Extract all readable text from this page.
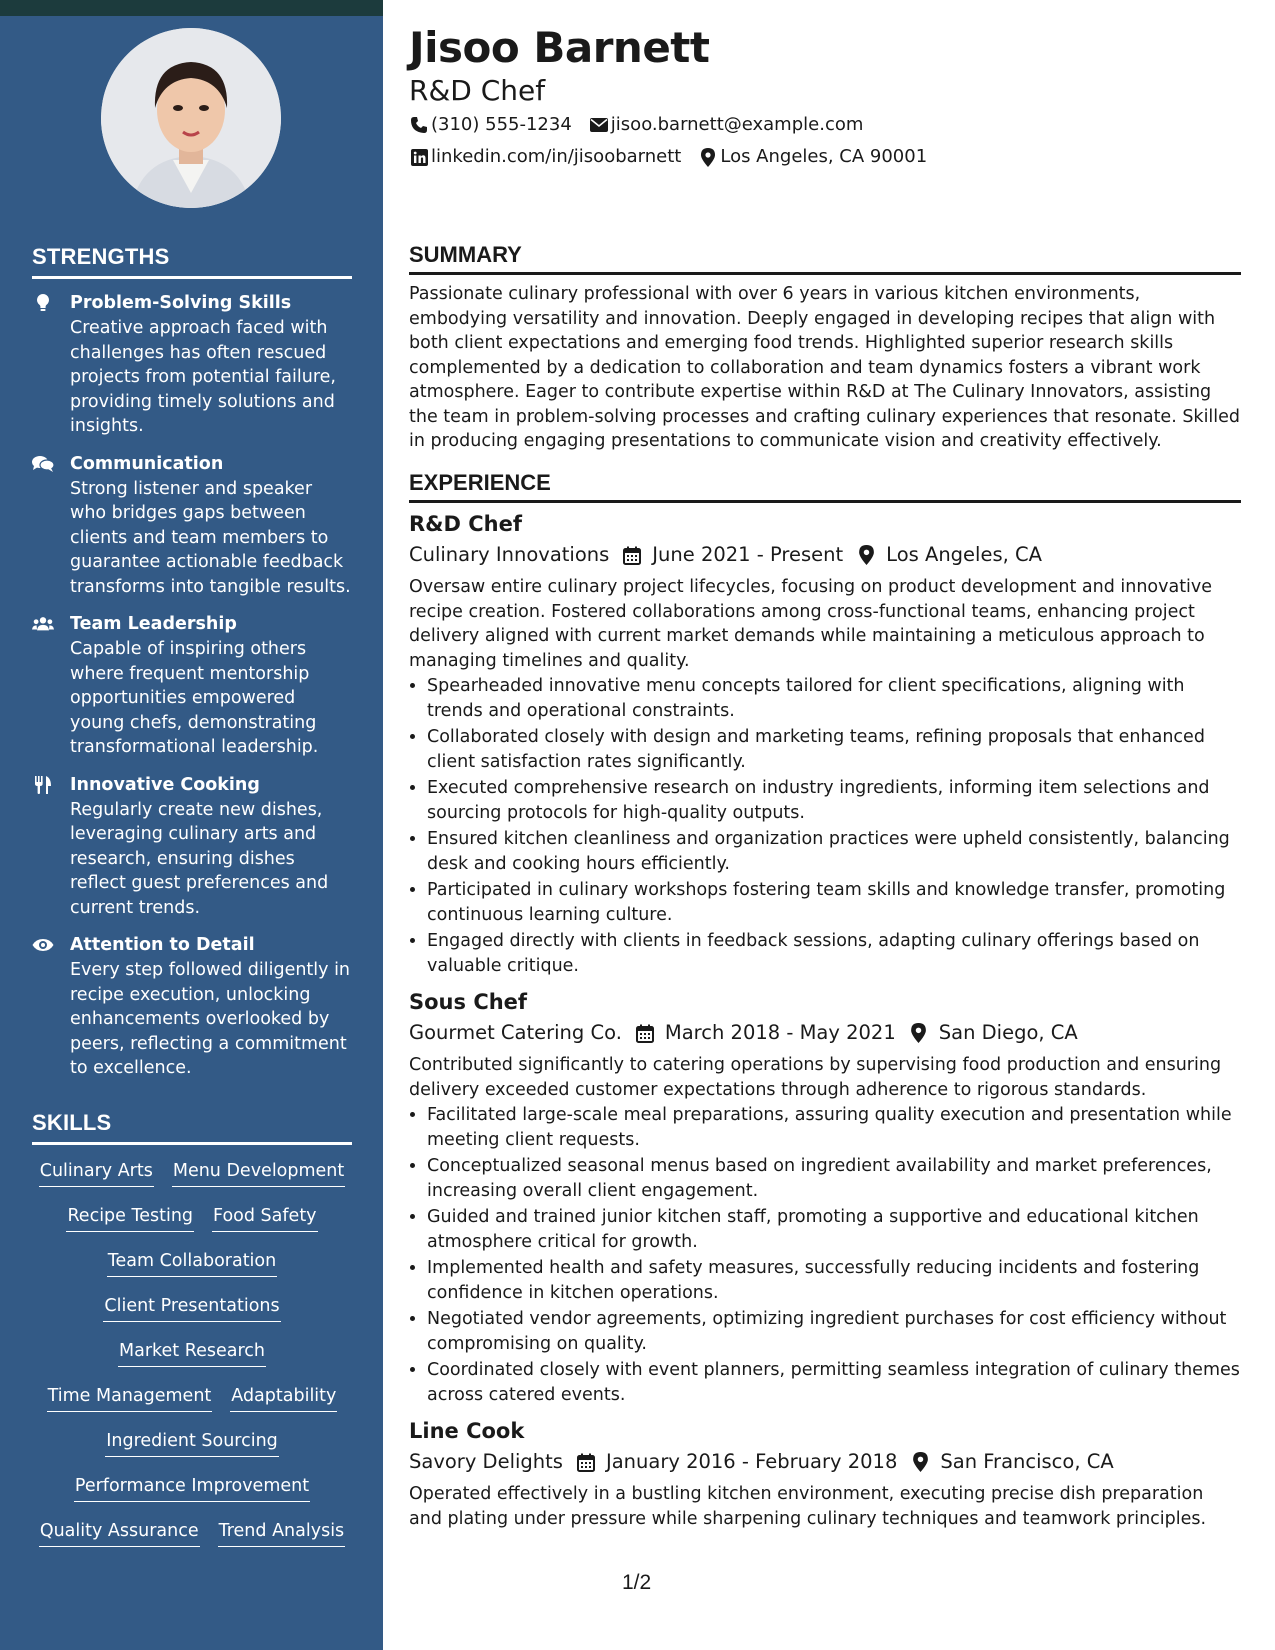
STRENGTHS
Problem-Solving Skills
Creative approach faced with challenges has often rescued projects from potential failure, providing timely solutions and insights.
Communication
Strong listener and speaker who bridges gaps between clients and team members to guarantee actionable feedback transforms into tangible results.
Team Leadership
Capable of inspiring others where frequent mentorship opportunities empowered young chefs, demonstrating transformational leadership.
Innovative Cooking
Regularly create new dishes, leveraging culinary arts and research, ensuring dishes reflect guest preferences and current trends.
Attention to Detail
Every step followed diligently in recipe execution, unlocking enhancements overlooked by peers, reflecting a commitment to excellence.
SKILLS
Culinary Arts Menu Development
Recipe Testing Food Safety
Team Collaboration
Client Presentations
Market Research
Time Management Adaptability
Ingredient Sourcing
Performance Improvement
Quality Assurance Trend Analysis
Jisoo Barnett
R&D Chef
(310) 555-1234 jisoo.barnett@example.com
linkedin.com/in/jisoobarnett Los Angeles, CA 90001
SUMMARY

Passionate culinary professional with over 6 years in various kitchen environments, embodying versatility and innovation. Deeply engaged in developing recipes that align with both client expectations and emerging food trends. Highlighted superior research skills complemented by a dedication to collaboration and team dynamics fosters a vibrant work atmosphere. Eager to contribute expertise within R&D at The Culinary Innovators, assisting the team in problem-solving processes and crafting culinary experiences that resonate. Skilled in producing engaging presentations to communicate vision and creativity effectively.

EXPERIENCE
R&D Chef
Culinary Innovations June 2021 - Present Los Angeles, CA

Oversaw entire culinary project lifecycles, focusing on product development and innovative recipe creation. Fostered collaborations among cross-functional teams, enhancing project delivery aligned with current market demands while maintaining a meticulous approach to managing timelines and quality.

• Spearheaded innovative menu concepts tailored for client specifications, aligning with trends and operational constraints.
• Collaborated closely with design and marketing teams, refining proposals that enhanced client satisfaction rates significantly.
• Executed comprehensive research on industry ingredients, informing item selections and sourcing protocols for high-quality outputs.
• Ensured kitchen cleanliness and organization practices were upheld consistently, balancing desk and cooking hours efficiently.
• Participated in culinary workshops fostering team skills and knowledge transfer, promoting continuous learning culture.
• Engaged directly with clients in feedback sessions, adapting culinary offerings based on valuable critique.
Sous Chef
Gourmet Catering Co. March 2018 - May 2021 San Diego, CA

Contributed significantly to catering operations by supervising food production and ensuring delivery exceeded customer expectations through adherence to rigorous standards.

• Facilitated large-scale meal preparations, assuring quality execution and presentation while meeting client requests.
• Conceptualized seasonal menus based on ingredient availability and market preferences, increasing overall client engagement.
• Guided and trained junior kitchen staff, promoting a supportive and educational kitchen atmosphere critical for growth.
• Implemented health and safety measures, successfully reducing incidents and fostering confidence in kitchen operations.
• Negotiated vendor agreements, optimizing ingredient purchases for cost efficiency without compromising on quality.
• Coordinated closely with event planners, permitting seamless integration of culinary themes across catered events.
Line Cook
Savory Delights January 2016 - February 2018 San Francisco, CA

Operated effectively in a bustling kitchen environment, executing precise dish preparation and plating under pressure while sharpening culinary techniques and teamwork principles.

1/2
